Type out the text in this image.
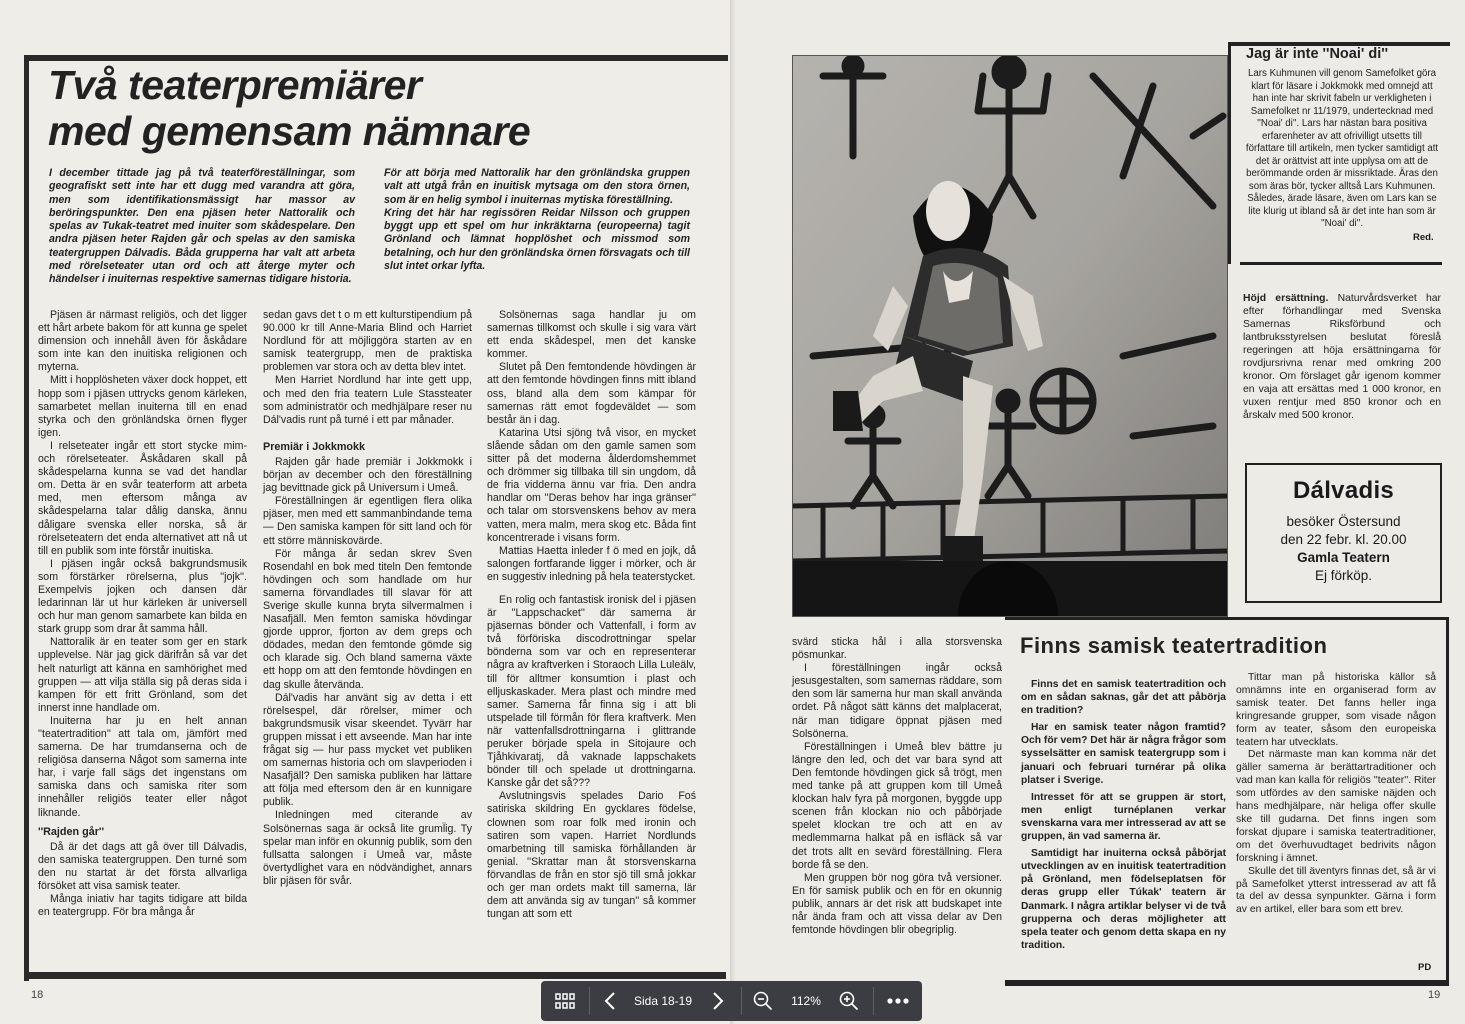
Två teaterpremiärer
med gemensam nämnare
I december tittade jag på två teaterföreställningar, som geografiskt sett inte har ett dugg med varandra att göra, men som identifikationsmässigt har massor av beröringspunkter. Den ena pjäsen heter Nattoralik och spelas av Tukak-teatret med inuiter som skådespelare. Den andra pjäsen heter Rajden går och spelas av den samiska teatergruppen Dálvadis. Båda grupperna har valt att arbeta med rörelseteater utan ord och att återge myter och händelser i inuiternas respektive samernas tidigare historia.
För att börja med Nattoralik har den grönländska gruppen valt att utgå från en inuitisk mytsaga om den stora örnen, som är en helig symbol i inuiternas mytiska föreställning.
Kring det här har regissören Reidar Nilsson och gruppen byggt upp ett spel om hur inkräktarna (europeerna) tagit Grönland och lämnat hopplöshet och missmod som betalning, och hur den grönländska örnen försvagats och till slut intet orkar lyfta.

Pjäsen är närmast religiös, och det ligger ett hårt arbete bakom för att kunna ge spelet dimension och innehåll även för åskådare som inte kan den inuitiska religionen och myterna.

Mitt i hopplösheten växer dock hoppet, ett hopp som i pjäsen uttrycks genom kärleken, samarbetet mellan inuiterna till en enad styrka och den grönländska örnen flyger igen.

I relseteater ingår ett stort stycke mim- och rörelseteater. Åskådaren skall på skådespelarna kunna se vad det handlar om. Detta är en svår teaterform att arbeta med, men eftersom många av skådespelarna talar dålig danska, ännu dåligare svenska eller norska, så är rörelseteatern det enda alternativet att nå ut till en publik som inte förstår inuitiska.

I pjäsen ingår också bakgrundsmusik som förstärker rörelserna, plus ''jojk''. Exempelvis jojken och dansen där ledarinnan lär ut hur kärleken är universell och hur man genom samarbete kan bilda en stark grupp som drar åt samma håll.

Nattoralik är en teater som ger en stark upplevelse. När jag gick därifrån så var det helt naturligt att känna en samhörighet med gruppen — att vilja ställa sig på deras sida i kampen för ett fritt Grönland, som det innerst inne handlade om.

Inuiterna har ju en helt annan ''teatertradition'' att tala om, jämfört med samerna. De har trumdanserna och de religiösa danserna Något som samerna inte har, i varje fall sägs det ingenstans om samiska dans och samiska riter som innehåller religiös teater eller något liknande.

''Rajden går''

Då är det dags att gå över till Dálvadis, den samiska teatergruppen. Den turné som den nu startat är det första allvarliga försöket att visa samisk teater.

Många iniativ har tagits tidigare att bilda en teatergrupp. För bra många år

sedan gavs det t o m ett kulturstipendium på 90.000 kr till Anne-Maria Blind och Harriet Nordlund för att möjliggöra starten av en samisk teatergrupp, men de praktiska problemen var stora och av detta blev intet.

Men Harriet Nordlund har inte gett upp, och med den fria teatern Lule Stassteater som administratör och medhjälpare reser nu Dál'vadis runt på turné i ett par månader.

Premiär i Jokkmokk

Rajden går hade premiär i Jokkmokk i början av december och den föreställning jag bevittnade gick på Universum i Umeå.

Föreställningen är egentligen flera olika pjäser, men med ett sammanbindande tema — Den samiska kampen för sitt land och för ett större människovärde.

För många år sedan skrev Sven Rosendahl en bok med titeln Den femtonde hövdingen och som handlade om hur samerna förvandlades till slavar för att Sverige skulle kunna bryta silvermalmen i Nasafjäll. Men femton samiska hövdingar gjorde uppror, fjorton av dem greps och dödades, medan den femtonde gömde sig och klarade sig. Och bland samerna växte ett hopp om att den femtonde hövdingen en dag skulle återvända.

Dál'vadis har använt sig av detta i ett rörelsespel, där rörelser, mimer och bakgrundsmusik visar skeendet. Tyvärr har gruppen missat i ett avseende. Man har inte frågat sig — hur pass mycket vet publiken om samernas historia och om slavperioden i Nasafjäll? Den samiska publiken har lättare att följa med eftersom den är en kunnigare publik.

Inledningen med citerande av Solsönernas saga är också lite gruml̈ig. Ty spelar man inför en okunnig publik, som den fullsatta salongen i Umeå var, måste övertydlighet vara en nödvändighet, annars blir pjäsen för svår.

Solsönernas saga handlar ju om samernas tillkomst och skulle i sig vara värt ett enda skådespel, men det kanske kommer.

Slutet på Den femtondende hövdingen är att den femtonde hövdingen finns mitt ibland oss, bland alla dem som kämpar för samernas rätt emot fogdeväldet — som består än i dag.

Katarina Utsi sjöng två visor, en mycket slående sådan om den gamle samen som sitter på det moderna ålderdomshemmet och drömmer sig tillbaka till sin ungdom, då de fria vidderna ännu var fria. Den andra handlar om ''Deras behov har inga gränser'' och talar om storsvenskens behov av mera vatten, mera malm, mera skog etc. Båda fint koncentrerade i visans form.

Mattias Haetta inleder f ö med en jojk, då salongen fortfarande ligger i mörker, och är en suggestiv inledning på hela teaterstycket.

En rolig och fantastisk ironisk del i pjäsen är ''Lappschacket'' där samerna är pjäsernas bönder och Vattenfall, i form av två förföriska discodrottningar spelar bönderna som var och en representerar några av kraftverken i Storaoch Lilla Luleälv, till för alltmer konsumtion i plast och elljuskaskader. Mera plast och mindre med samer. Samerna får finna sig i att bli utspelade till förmån för flera kraftverk. Men när vattenfallsdrottningarna i glittrande peruker började spela in Sitojaure och Tjåhkivaratj, då vaknade lappschakets bönder till och spelade ut drottningarna. Kanske går det så???

Avslutningsvis spelades Dario Foś satiriska skildring En gycklares födelse, clownen som roar folk med ironin och satiren som vapen. Harriet Nordlunds omarbetning till samiska förhållanden är genial. ''Skrattar man åt storsvenskarna förvandlas de från en stor sjö till små jokkar och ger man ordets makt till samerna, lär dem att använda sig av tungan'' så kommer tungan att som ett

18
Jag är inte ''Noai' di''
Lars Kuhmunen vill genom Samefolket göra klart för läsare i Jokkmokk med omnejd att han inte har skrivit fabeln ur verkligheten i Samefolket nr 11/1979, undertecknad med ''Noai' di''. Lars har nästan bara positiva erfarenheter av att ofrivilligt utsetts till författare till artikeln, men tycker samtidigt att det är orättvist att inte upplysa om att de berömmande orden är missriktade. Äras den som äras bör, tycker alltså Lars Kuhmunen. Således, ärade läsare, även om Lars kan se lite klurig ut ibland så är det inte han som är ''Noai' di''.
Red.
Höjd ersättning. Naturvårdsverket har efter förhandlingar med Svenska Samernas Riksförbund och lantbruksstyrelsen beslutat föreslå regeringen att höja ersättningarna för rovdjursrivna renar med omkring 200 kronor. Om förslaget går igenom kommer en vaja att ersättas med 1 000 kronor, en vuxen rentjur med 850 kronor och en årskalv med 500 kronor.
Dálvadis
besöker Östersund
den 22 febr. kl. 20.00
Gamla Teatern
Ej förköp.

svärd sticka hål i alla storsvenska pösmunkar.

I föreställningen ingår också jesusgestalten, som samernas räddare, som den som lär samerna hur man skall använda ordet. På något sätt känns det malplacerat, när man tidigare öppnat pjäsen med Solsönerna.

Föreställningen i Umeå blev bättre ju längre den led, och det var bara synd att Den femtonde hövdingen gick så trögt, men med tanke på att gruppen kom till Umeå klockan halv fyra på morgonen, byggde upp scenen från klockan nio och påbörjade spelet klockan tre och att en av medlemmarna halkat på en isfläck så var det trots allt en sevärd föreställning. Flera borde få se den.

Men gruppen bör nog göra två versioner. En för samisk publik och en för en okunnig publik, annars är det risk att budskapet inte når ända fram och att vissa delar av Den femtonde hövdingen blir obegriplig.

Finns samisk teatertradition

Finns det en samisk teatertradition och om en sådan saknas, går det att påbörja en tradition?

Har en samisk teater någon framtid? Och för vem? Det här är några frågor som sysselsätter en samisk teatergrupp som i januari och februari turnérar på olika platser i Sverige.

Intresset för att se gruppen är stort, men enligt turnéplanen verkar svenskarna vara mer intresserad av att se gruppen, än vad samerna är.

Samtidigt har inuiterna också påbörjat utvecklingen av en inuitisk teatertradition på Grönland, men födelsepIatsen för deras grupp eller Túkak' teatern är Danmark. I några artiklar belyser vi de två grupperna och deras möjligheter att spela teater och genom detta skapa en ny tradition.

Tittar man på historiska källor så omnämns inte en organiserad form av samisk teater. Det fanns heller inga kringresande grupper, som visade någon form av teater, såsom den europeiska teatern har utvecklats.

Det närmaste man kan komma när det gäller samerna är berättartraditioner och vad man kan kalla för religiös ''teater''. Riter som utfördes av den samiske näjden och hans medhjälpare, när heliga offer skulle ske till gudarna. Det finns ingen som forskat djupare i samiska teatertraditioner, om det överhuvudtaget bedrivits någon forskning i ämnet.

Skulle det till äventyrs finnas det, så är vi på Samefolket ytterst intresserad av att få ta del av dessa synpunkter. Gärna i form av en artikel, eller bara som ett brev.

PD
19
Sida 18-19	112%
